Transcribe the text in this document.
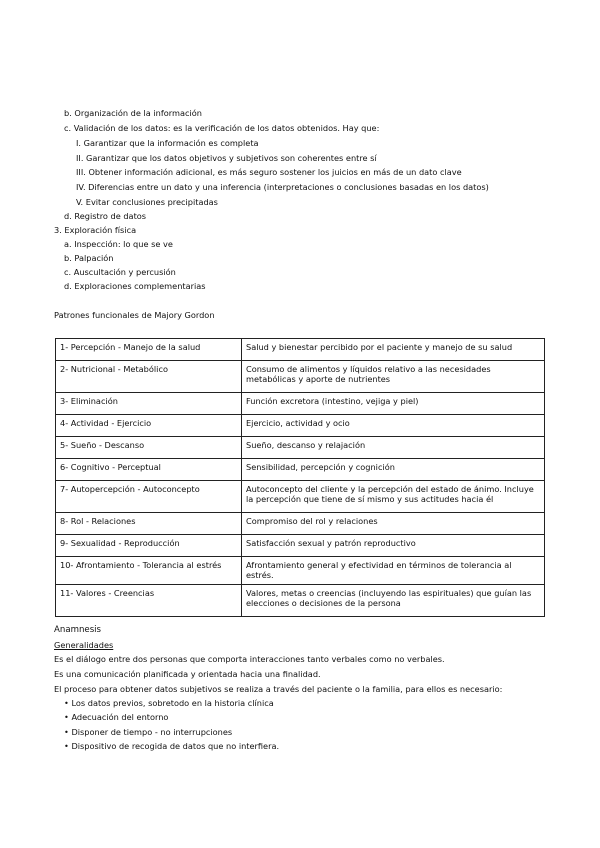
b. Organización de la información
c. Validación de los datos: es la verificación de los datos obtenidos. Hay que:
I. Garantizar que la información es completa
II. Garantizar que los datos objetivos y subjetivos son coherentes entre sí
III. Obtener información adicional, es más seguro sostener los juicios en más de un dato clave
IV. Diferencias entre un dato y una inferencia (interpretaciones o conclusiones basadas en los datos)
V. Evitar conclusiones precipitadas
d. Registro de datos
3. Exploración física
a. Inspección: lo que se ve
b. Palpación
c. Auscultación y percusión
d. Exploraciones complementarias
Patrones funcionales de Majory Gordon
1- Percepción - Manejo de la salud	Salud y bienestar percibido por el paciente y manejo de su salud
2- Nutricional - Metabólico	Consumo de alimentos y líquidos relativo a las necesidades metabólicas y aporte de nutrientes
3- Eliminación	Función excretora (intestino, vejiga y piel)
4- Actividad - Ejercicio	Ejercicio, actividad y ocio
5- Sueño - Descanso	Sueño, descanso y relajación
6- Cognitivo - Perceptual	Sensibilidad, percepción y cognición
7- Autopercepción - Autoconcepto	Autoconcepto del cliente y la percepción del estado de ánimo. Incluye la percepción que tiene de sí mismo y sus actitudes hacia él
8- Rol - Relaciones	Compromiso del rol y relaciones
9- Sexualidad - Reproducción	Satisfacción sexual y patrón reproductivo
10- Afrontamiento - Tolerancia al estrés	Afrontamiento general y efectividad en términos de tolerancia al estrés.
11- Valores - Creencias	Valores, metas o creencias (incluyendo las espirituales) que guían las elecciones o decisiones de la persona
Anamnesis
Generalidades
Es el diálogo entre dos personas que comporta interacciones tanto verbales como no verbales.
Es una comunicación planificada y orientada hacia una finalidad.
El proceso para obtener datos subjetivos se realiza a través del paciente o la familia, para ellos es necesario:
• Los datos previos, sobretodo en la historia clínica
• Adecuación del entorno
• Disponer de tiempo - no interrupciones
• Dispositivo de recogida de datos que no interfiera.
